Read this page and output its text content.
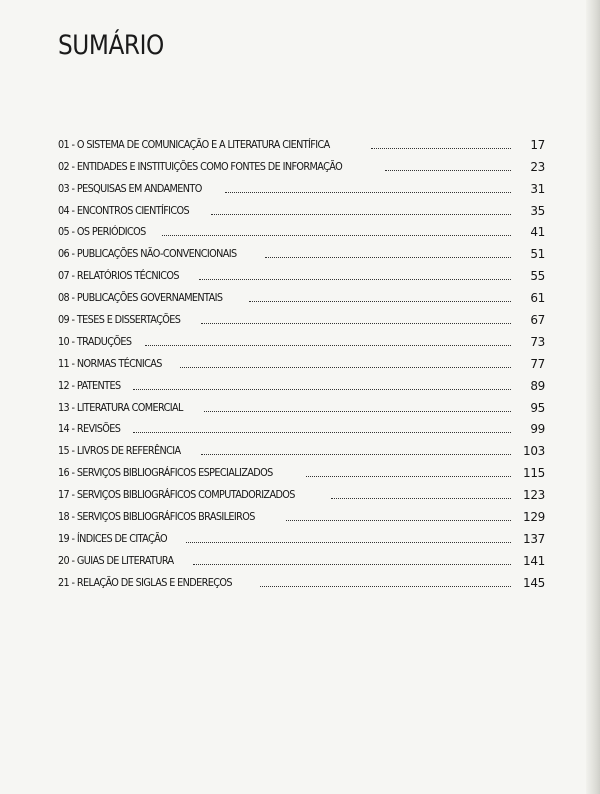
SUMÁRIO
01 - O SISTEMA DE COMUNICAÇÃO E A LITERATURA CIENTÍFICA	17
02 - ENTIDADES E INSTITUIÇÕES COMO FONTES DE INFORMAÇÃO	23
03 - PESQUISAS EM ANDAMENTO	31
04 - ENCONTROS CIENTÍFICOS	35
05 - OS PERIÓDICOS	41
06 - PUBLICAÇÕES NÃO-CONVENCIONAIS	51
07 - RELATÓRIOS TÉCNICOS	55
08 - PUBLICAÇÕES GOVERNAMENTAIS	61
09 - TESES E DISSERTAÇÕES	67
10 - TRADUÇÕES	73
11 - NORMAS TÉCNICAS	77
12 - PATENTES	89
13 - LITERATURA COMERCIAL	95
14 - REVISÕES	99
15 - LIVROS DE REFERÊNCIA	103
16 - SERVIÇOS BIBLIOGRÁFICOS ESPECIALIZADOS	115
17 - SERVIÇOS BIBLIOGRÁFICOS COMPUTADORIZADOS	123
18 - SERVIÇOS BIBLIOGRÁFICOS BRASILEIROS	129
19 - ÍNDICES DE CITAÇÃO	137
20 - GUIAS DE LITERATURA	141
21 - RELAÇÃO DE SIGLAS E ENDEREÇOS	145
